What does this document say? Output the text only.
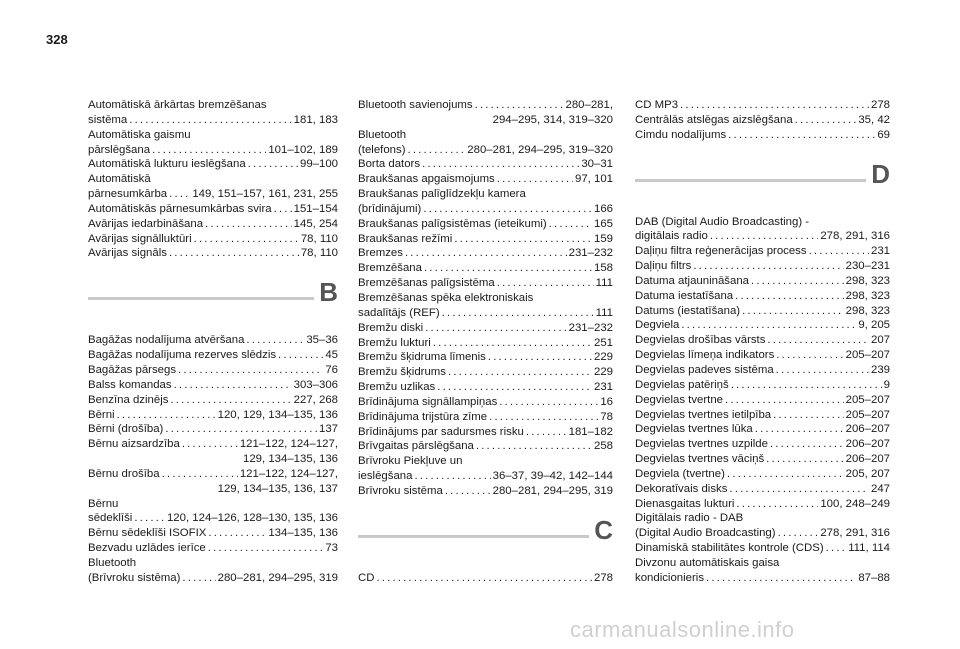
328
Automātiskā ārkārtas bremzēšanas
sistēma . . .	181, 183
Automātiska gaismu
pārslēgšana . . .	101–102, 189
Automātiskā lukturu ieslēgšana . . .	99–100
Automātiskā
pārnesumkārba . . . 149, 151–157, 161, 231, 255
Automātiskās pārnesumkārbas svira . . . 151–154
Avārijas iedarbināšana . . .	145, 254
Avārijas signālluktūri . . .	78, 110
Avārijas signāls . . .	78, 110
B
Bagāžas nodalījuma atvēršana . . .	35–36
Bagāžas nodalījuma rezerves slēdzis . . .	45
Bagāžas pārsegs . . .	76
Balss komandas . . .	303–306
Benzīna dzinējs . . .	227, 268
Bērni . . .	120, 129, 134–135, 136
Bērni (drošība) . . .	137
Bērnu aizsardzība . . .	121–122, 124–127,
129, 134–135, 136
Bērnu drošība . . .	121–122, 124–127,
129, 134–135, 136, 137
Bērnu
sēdeklīši . . .	120, 124–126, 128–130, 135, 136
Bērnu sēdeklīši ISOFIX . . .	134–135, 136
Bezvadu uzlādes ierīce . . .	73
Bluetooth
(Brīvroku sistēma) . . .	280–281, 294–295, 319
Bluetooth savienojums . . .	280–281,
294–295, 314, 319–320
Bluetooth
(telefons) . . .	280–281, 294–295, 319–320
Borta dators . . .	30–31
Braukšanas apgaismojums . . .	97, 101
Braukšanas palīglīdzekļu kamera
(brīdinājumi) . . .	166
Braukšanas palīgsistēmas (ieteikumi) . . .	165
Braukšanas režīmi . . .	159
Bremzes . . .	231–232
Bremzēšana . . .	158
Bremzēšanas palīgsistēma . . .	111
Bremzēšanas spēka elektroniskais
sadalītājs (REF) . . .	111
Bremžu diski . . .	231–232
Bremžu lukturi . . .	251
Bremžu šķidruma līmenis . . .	229
Bremžu šķidrums . . .	229
Bremžu uzlikas . . .	231
Brīdinājuma signāllampiņas . . .	16
Brīdinājuma trijstūra zīme . . .	78
Brīdinājums par sadursmes risku . . .	181–182
Brīvgaitas pārslēgšana . . .	258
Brīvroku Piekļuve un
ieslēgšana . . .	36–37, 39–42, 142–144
Brīvroku sistēma . . .	280–281, 294–295, 319
C
CD . . .	278
CD MP3 . . .	278
Centrālās atslēgas aizslēgšana . . .	35, 42
Cimdu nodalījums . . .	69
D
DAB (Digital Audio Broadcasting) -
digitālais radio . . .	278, 291, 316
Daļiņu filtra reģenerācijas process . . .	231
Daļiņu filtrs . . .	230–231
Datuma atjaunināšana . . .	298, 323
Datuma iestatīšana . . .	298, 323
Datums (iestatīšana) . . .	298, 323
Degviela . . .	9, 205
Degvielas drošības vārsts . . .	207
Degvielas līmeņa indikators . . .	205–207
Degvielas padeves sistēma . . .	239
Degvielas patēriņš . . .	9
Degvielas tvertne . . .	205–207
Degvielas tvertnes ietilpība . . .	205–207
Degvielas tvertnes lūka . . .	206–207
Degvielas tvertnes uzpilde . . .	206–207
Degvielas tvertnes vāciņš . . .	206–207
Degviela (tvertne) . . .	205, 207
Dekoratīvais disks . . .	247
Dienasgaitas lukturi . . .	100, 248–249
Digitālais radio - DAB
(Digital Audio Broadcasting) . . .	278, 291, 316
Dinamiskā stabilitātes kontrole (CDS) . . . 111, 114
Divzonu automātiskais gaisa
kondicionieris . . .	87–88
carmanualsonline.info
